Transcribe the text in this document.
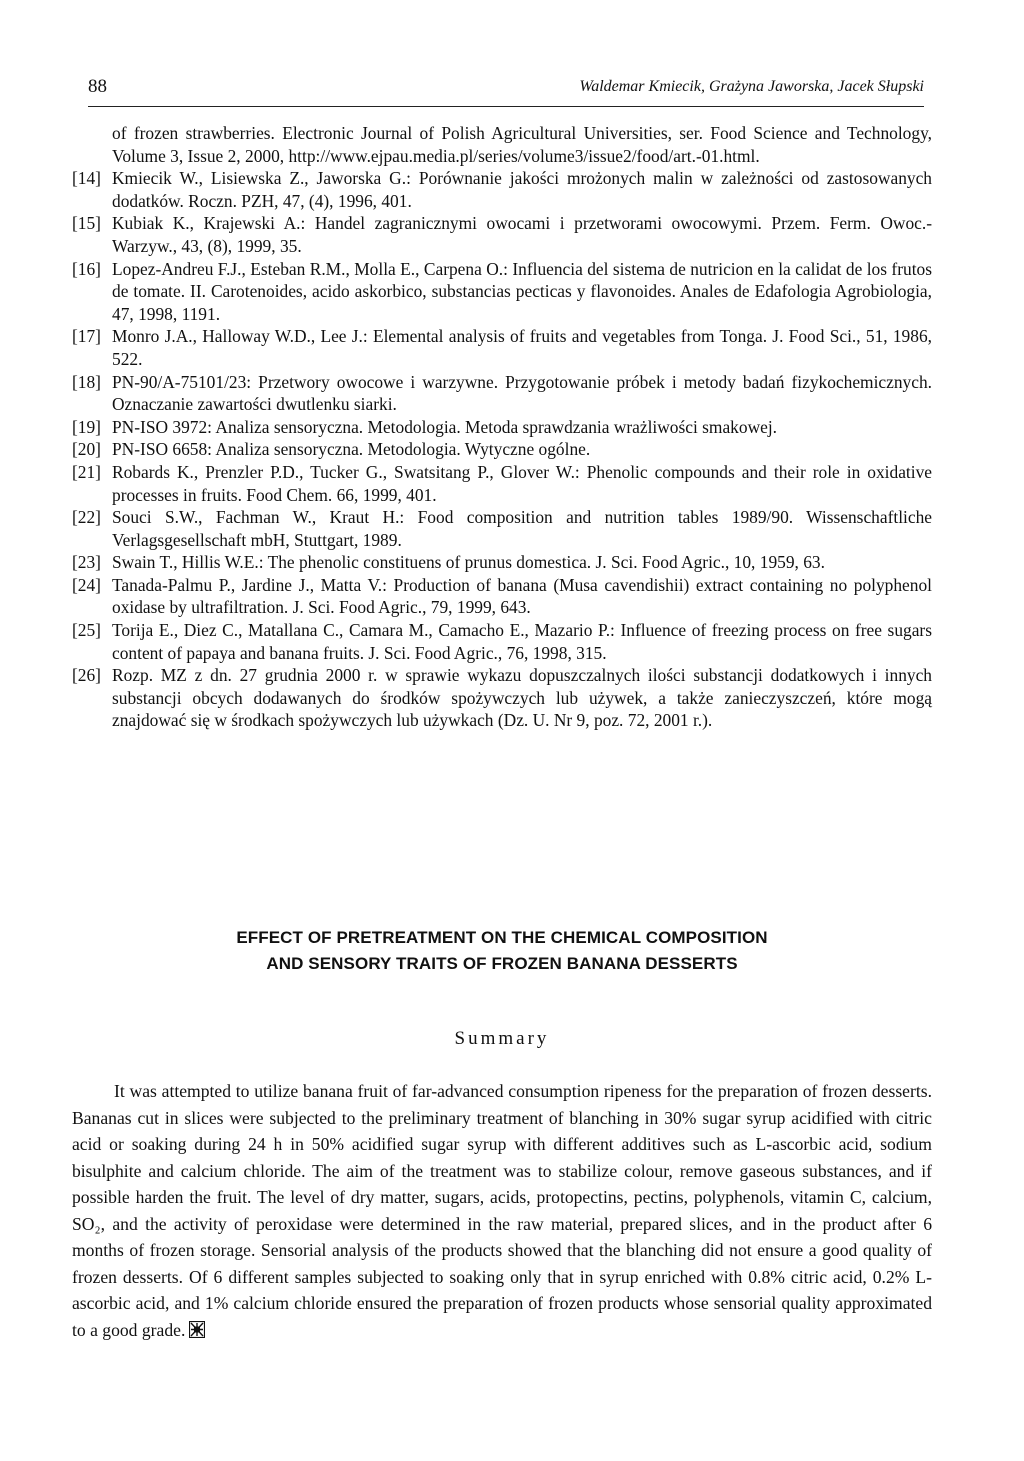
88	Waldemar Kmiecik, Grażyna Jaworska, Jacek Słupski

of frozen strawberries. Electronic Journal of Polish Agricultural Universities, ser. Food Science and Technology, Volume 3, Issue 2, 2000, http://www.ejpau.media.pl/series/volume3/issue2/food/art.-01.html.

[14] Kmiecik W., Lisiewska Z., Jaworska G.: Porównanie jakości mrożonych malin w zależności od zastosowanych dodatków. Roczn. PZH, 47, (4), 1996, 401.

[15] Kubiak K., Krajewski A.: Handel zagranicznymi owocami i przetworami owocowymi. Przem. Ferm. Owoc.-Warzyw., 43, (8), 1999, 35.

[16] Lopez-Andreu F.J., Esteban R.M., Molla E., Carpena O.: Influencia del sistema de nutricion en la calidat de los frutos de tomate. II. Carotenoides, acido askorbico, substancias pecticas y flavonoides. Anales de Edafologia Agrobiologia, 47, 1998, 1191.

[17] Monro J.A., Halloway W.D., Lee J.: Elemental analysis of fruits and vegetables from Tonga. J. Food Sci., 51, 1986, 522.

[18] PN-90/A-75101/23: Przetwory owocowe i warzywne. Przygotowanie próbek i metody badań fizykochemicznych. Oznaczanie zawartości dwutlenku siarki.

[19] PN-ISO 3972: Analiza sensoryczna. Metodologia. Metoda sprawdzania wrażliwości smakowej.

[20] PN-ISO 6658: Analiza sensoryczna. Metodologia. Wytyczne ogólne.

[21] Robards K., Prenzler P.D., Tucker G., Swatsitang P., Glover W.: Phenolic compounds and their role in oxidative processes in fruits. Food Chem. 66, 1999, 401.

[22] Souci S.W., Fachman W., Kraut H.: Food composition and nutrition tables 1989/90. Wissenschaftliche Verlagsgesellschaft mbH, Stuttgart, 1989.

[23] Swain T., Hillis W.E.: The phenolic constituens of prunus domestica. J. Sci. Food Agric., 10, 1959, 63.

[24] Tanada-Palmu P., Jardine J., Matta V.: Production of banana (Musa cavendishii) extract containing no polyphenol oxidase by ultrafiltration. J. Sci. Food Agric., 79, 1999, 643.

[25] Torija E., Diez C., Matallana C., Camara M., Camacho E., Mazario P.: Influence of freezing process on free sugars content of papaya and banana fruits. J. Sci. Food Agric., 76, 1998, 315.

[26] Rozp. MZ z dn. 27 grudnia 2000 r. w sprawie wykazu dopuszczalnych ilości substancji dodatkowych i innych substancji obcych dodawanych do środków spożywczych lub używek, a także zanieczyszczeń, które mogą znajdować się w środkach spożywczych lub używkach (Dz. U. Nr 9, poz. 72, 2001 r.).

EFFECT OF PRETREATMENT ON THE CHEMICAL COMPOSITION
AND SENSORY TRAITS OF FROZEN BANANA DESSERTS
Summary

It was attempted to utilize banana fruit of far-advanced consumption ripeness for the preparation of frozen desserts. Bananas cut in slices were subjected to the preliminary treatment of blanching in 30% sugar syrup acidified with citric acid or soaking during 24 h in 50% acidified sugar syrup with different additives such as L-ascorbic acid, sodium bisulphite and calcium chloride. The aim of the treatment was to stabilize colour, remove gaseous substances, and if possible harden the fruit. The level of dry matter, sugars, acids, protopectins, pectins, polyphenols, vitamin C, calcium, SO₂, and the activity of peroxidase were determined in the raw material, prepared slices, and in the product after 6 months of frozen storage. Sensorial analysis of the products showed that the blanching did not ensure a good quality of frozen desserts. Of 6 different samples subjected to soaking only that in syrup enriched with 0.8% citric acid, 0.2% L-ascorbic acid, and 1% calcium chloride ensured the preparation of frozen products whose sensorial quality approximated to a good grade.
